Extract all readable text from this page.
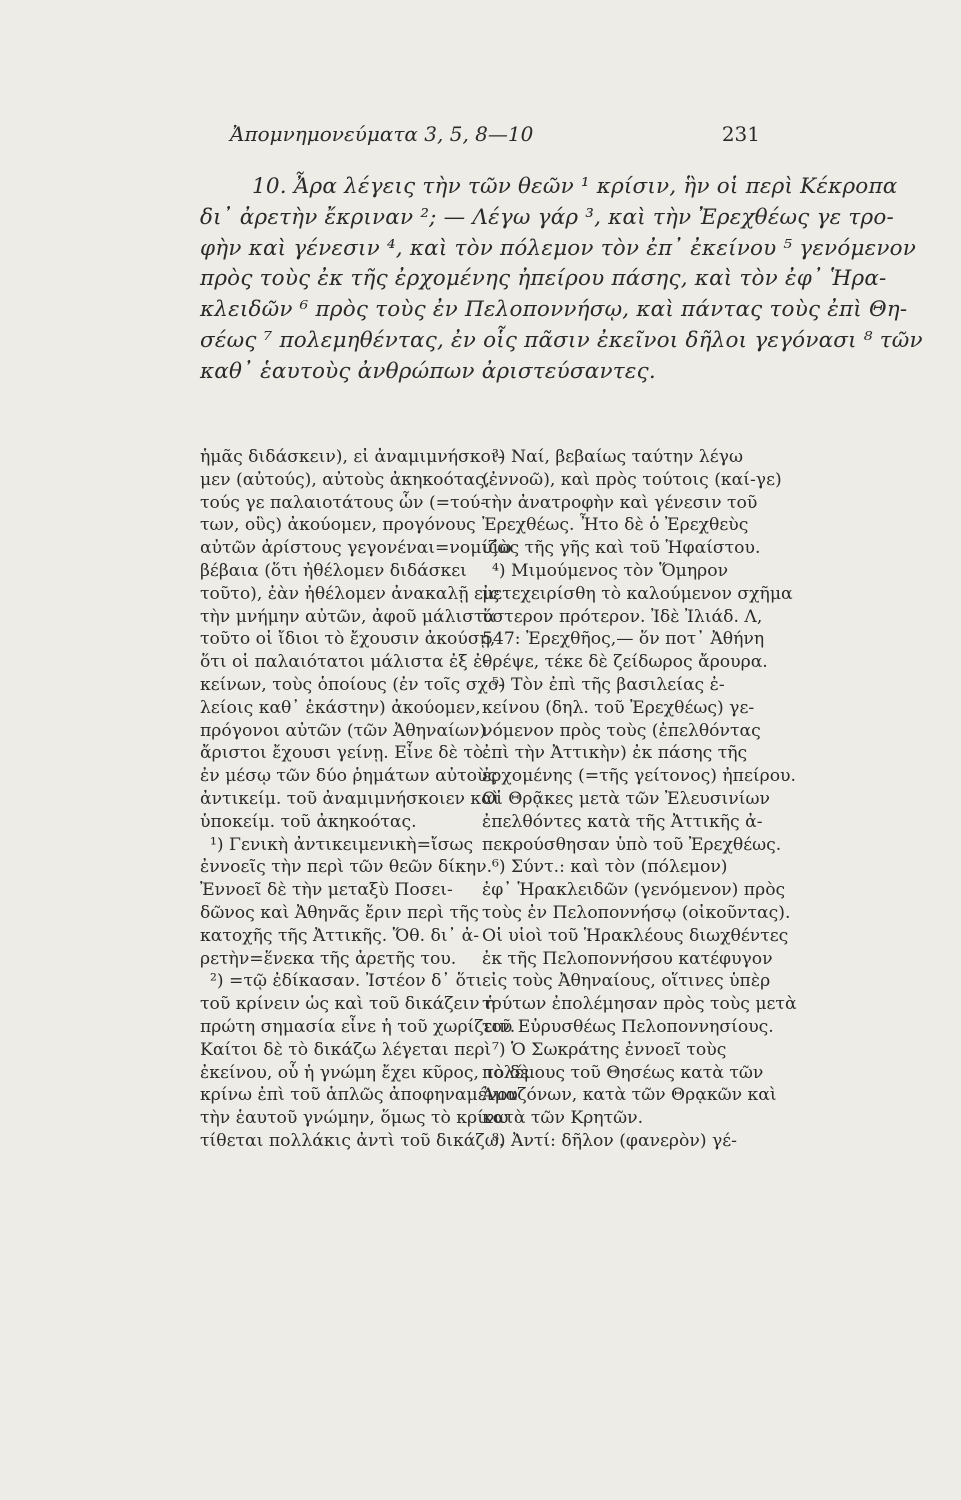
Ἀπομνημονεύματα 3, 5, 8—10	231
10. Ἆρα λέγεις τὴν τῶν θεῶν ¹ κρίσιν, ἣν οἱ περὶ Κέκροπα
δι᾿ ἀρετὴν ἔκριναν ²; — Λέγω γάρ ³, καὶ τὴν Ἐρεχθέως γε τρο-
φὴν καὶ γένεσιν ⁴, καὶ τὸν πόλεμον τὸν ἐπ᾿ ἐκείνου ⁵ γενόμενον
πρὸς τοὺς ἐκ τῆς ἐρχομένης ἠπείρου πάσης, καὶ τὸν ἐφ᾿ Ἡρα-
κλειδῶν ⁶ πρὸς τοὺς ἐν Πελοποννήσῳ, καὶ πάντας τοὺς ἐπὶ Θη-
σέως ⁷ πολεμηθέντας, ἐν οἷς πᾶσιν ἐκεῖνοι δῆλοι γεγόνασι ⁸ τῶν
καθ᾿ ἑαυτοὺς ἀνθρώπων ἀριστεύσαντες.
ἡμᾶς διδάσκειν), εἰ ἀναμιμνήσκοι-
μεν (αὐτούς), αὐτοὺς ἀκηκοότας,
τούς γε παλαιοτάτους ὧν (=τού-
των, οὓς) ἀκούομεν, προγόνους
αὐτῶν ἀρίστους γεγονέναι=νομίζω
βέβαια (ὅτι ἠθέλομεν διδάσκει
τοῦτο), ἐὰν ἠθέλομεν ἀνακαλῇ εἰς
τὴν μνήμην αὐτῶν, ἀφοῦ μάλιστα
τοῦτο οἱ ἴδιοι τὸ ἔχουσιν ἀκούσῃ,
ὅτι οἱ παλαιότατοι μάλιστα ἐξ ἐ-
κείνων, τοὺς ὁποίους (ἐν τοῖς σχο-
λείοις καθ᾿ ἑκάστην) ἀκούομεν,
πρόγονοι αὐτῶν (τῶν Ἀθηναίων)
ἄριστοι ἔχουσι γείνῃ. Εἶνε δὲ τὸ
ἐν μέσῳ τῶν δύο ῥημάτων αὐτοὺς
ἀντικείμ. τοῦ ἀναμιμνήσκοιεν καὶ
ὑποκείμ. τοῦ ἀκηκοότας.
¹) Γενικὴ ἀντικειμενικὴ=ἴσως
ἐννοεῖς τὴν περὶ τῶν θεῶν δίκην.
Ἐννοεῖ δὲ τὴν μεταξὺ Ποσει-
δῶνος καὶ Ἀθηνᾶς ἔριν περὶ τῆς
κατοχῆς τῆς Ἀττικῆς. Ὅθ. δι᾿ ἀ-
ρετὴν=ἕνεκα τῆς ἀρετῆς του.
²) =τῷ ἐδίκασαν. Ἰστέον δ᾿ ὅτι
τοῦ κρίνειν ὡς καὶ τοῦ δικάζειν ἡ
πρώτη σημασία εἶνε ἡ τοῦ χωρίζειν.
Καίτοι δὲ τὸ δικάζω λέγεται περὶ
ἐκείνου, οὗ ἡ γνώμη ἔχει κῦρος, τὸ δὲ
κρίνω ἐπὶ τοῦ ἁπλῶς ἀποφηναμένου
τὴν ἑαυτοῦ γνώμην, ὅμως τὸ κρίνω
τίθεται πολλάκις ἀντὶ τοῦ δικάζω.
³) Ναί, βεβαίως ταύτην λέγω
(ἐννοῶ), καὶ πρὸς τούτοις (καί-γε)
τὴν ἀνατροφὴν καὶ γένεσιν τοῦ
Ἐρεχθέως. Ἦτο δὲ ὁ Ἐρεχθεὺς
υἱὸς τῆς γῆς καὶ τοῦ Ἡφαίστου.
⁴) Μιμούμενος τὸν Ὅμηρον
μετεχειρίσθη τὸ καλούμενον σχῆμα
ὕστερον πρότερον. Ἰδὲ Ἰλιάδ. Λ,
547: Ἐρεχθῆος,— ὅν ποτ᾿ Ἀθήνη
θρέψε, τέκε δὲ ζείδωρος ἄρουρα.
⁵) Τὸν ἐπὶ τῆς βασιλείας ἐ-
κείνου (δηλ. τοῦ Ἐρεχθέως) γε-
νόμενον πρὸς τοὺς (ἐπελθόντας
ἐπὶ τὴν Ἀττικὴν) ἐκ πάσης τῆς
ἐρχομένης (=τῆς γείτονος) ἠπείρου.
Οἱ Θρᾷκες μετὰ τῶν Ἐλευσινίων
ἐπελθόντες κατὰ τῆς Ἀττικῆς ἀ-
πεκρούσθησαν ὑπὸ τοῦ Ἐρεχθέως.
⁶) Σύντ.: καὶ τὸν (πόλεμον)
ἐφ᾿ Ἡρακλειδῶν (γενόμενον) πρὸς
τοὺς ἐν Πελοποννήσῳ (οἰκοῦντας).
Οἱ υἱοὶ τοῦ Ἡρακλέους διωχθέντες
ἐκ τῆς Πελοποννήσου κατέφυγον
εἰς τοὺς Ἀθηναίους, οἵτινες ὑπὲρ
τούτων ἐπολέμησαν πρὸς τοὺς μετὰ
τοῦ Εὐρυσθέως Πελοποννησίους.
⁷) Ὁ Σωκράτης ἐννοεῖ τοὺς
πολέμους τοῦ Θησέως κατὰ τῶν
Ἀμαζόνων, κατὰ τῶν Θρᾳκῶν καὶ
κατὰ τῶν Κρητῶν.
⁸) Ἀντί: δῆλον (φανερὸν) γέ-
